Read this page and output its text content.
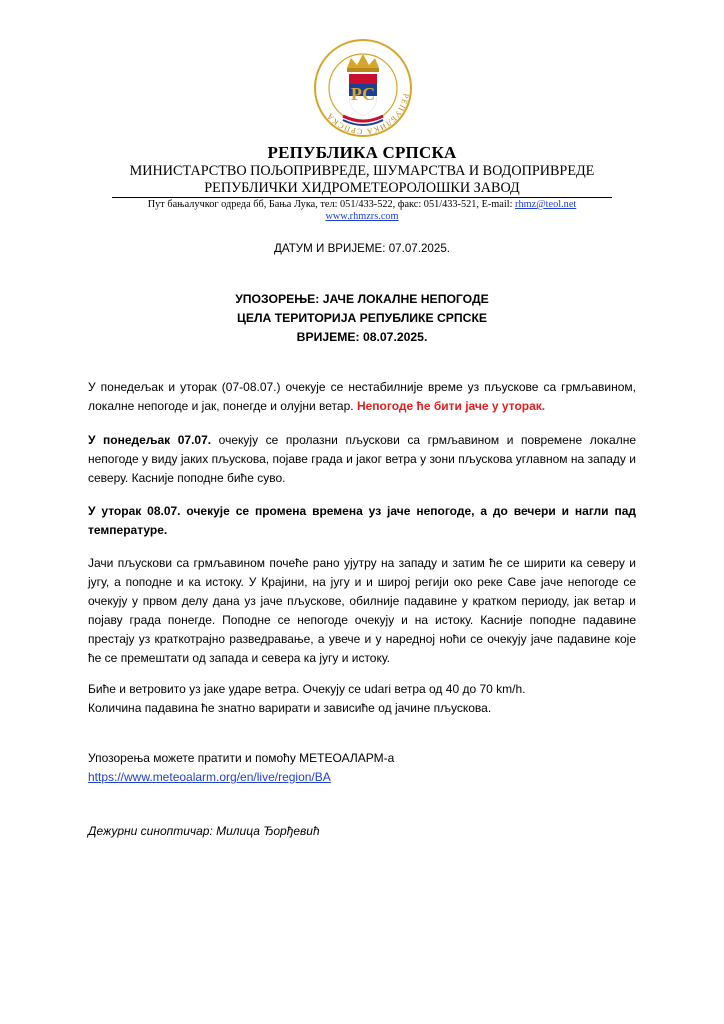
РЕПУБЛИКА СРПСКА
РС
РЕПУБЛИКА СРПСКА
МИНИСТАРСТВО ПОЉОПРИВРЕДЕ, ШУМАРСТВА И ВОДОПРИВРЕДЕ
РЕПУБЛИЧКИ ХИДРОМЕТЕОРОЛОШКИ ЗАВОД
Пут бањалучког одреда бб, Бања Лука, тел: 051/433-522, факс: 051/433-521, E-mail: rhmz@teol.net
www.rhmzrs.com
ДАТУМ И ВРИЈЕМЕ: 07.07.2025.
УПОЗОРЕЊЕ: ЈАЧЕ ЛОКАЛНЕ НЕПОГОДЕ
ЦЕЛА ТЕРИТОРИЈА РЕПУБЛИКЕ СРПСКЕ
ВРИЈЕМЕ: 08.07.2025.
У понедељак и уторак (07-08.07.) очекује се нестабилније време уз пљускове са грмљавином, локалне непогоде и јак, понегде и олујни ветар. Непогоде ће бити јаче у уторак.
У понедељак 07.07. очекују се пролазни пљускови са грмљавином и повремене локалне непогоде у виду јаких пљускова, појаве града и јаког ветра у зони пљускова углавном на западу и северу. Касније поподне биће суво.
У уторак 08.07. очекује се промена времена уз јаче непогоде, а до вечери и нагли пад температуре.
Јачи пљускови са грмљавином почеће рано ујутру на западу и затим ће се ширити ка северу и југу, а поподне и ка истоку. У Крајини, на југу и и широј регији око реке Саве јаче непогоде се очекују у првом делу дана уз јаче пљускове, обилније падавине у кратком периоду, јак ветар и појаву града понегде. Поподне се непогоде очекују и на истоку. Касније поподне падавине престају уз краткотрајно разведравање, а увече и у наредној ноћи се очекују јаче падавине које ће се премештати од запада и севера ка југу и истоку.
Биће и ветровито уз јаке ударе ветра. Очекују се udari ветра од 40 до 70 km/h.
Количина падавина ће знатно варирати и зависиће од јачине пљускова.
Упозорења можете пратити и помоћу МЕТЕОАЛАРМ-а
https://www.meteoalarm.org/en/live/region/BA
Дежурни синоптичар: Милица Ђорђевић
